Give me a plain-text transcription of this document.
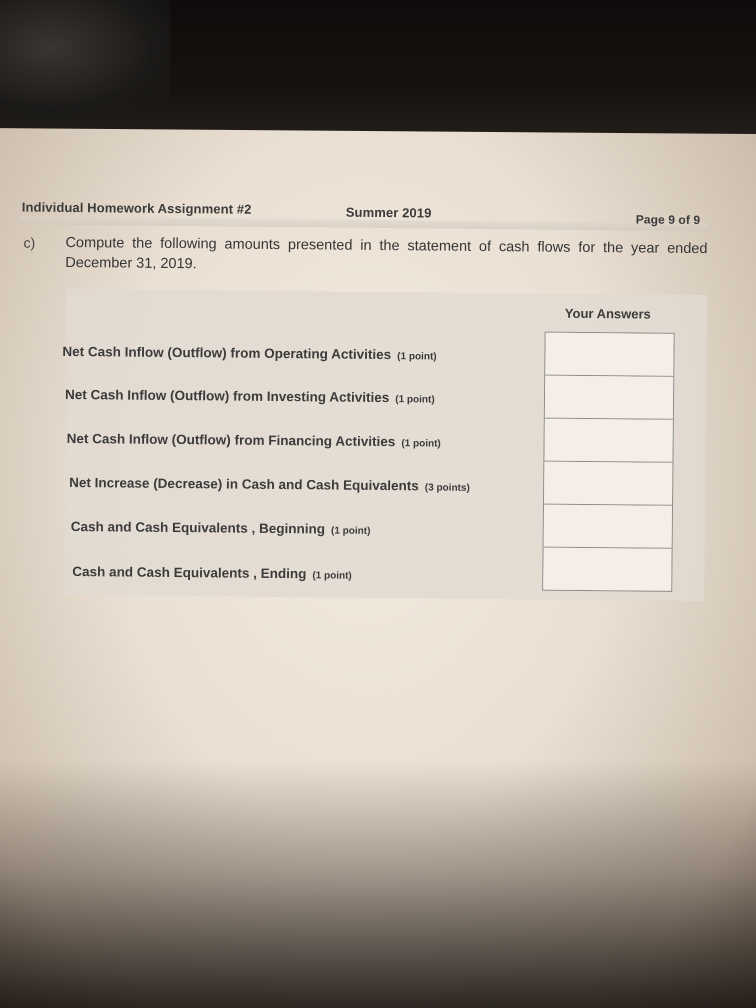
Individual Homework Assignment #2	Summer 2019	Page 9 of 9
c) Compute the following amounts presented in the statement of cash flows for the year ended December 31, 2019.
Your Answers
Net Cash Inflow (Outflow) from Operating Activities (1 point)
Net Cash Inflow (Outflow) from Investing Activities (1 point)
Net Cash Inflow (Outflow) from Financing Activities (1 point)
Net Increase (Decrease) in Cash and Cash Equivalents (3 points)
Cash and Cash Equivalents , Beginning (1 point)
Cash and Cash Equivalents , Ending (1 point)
